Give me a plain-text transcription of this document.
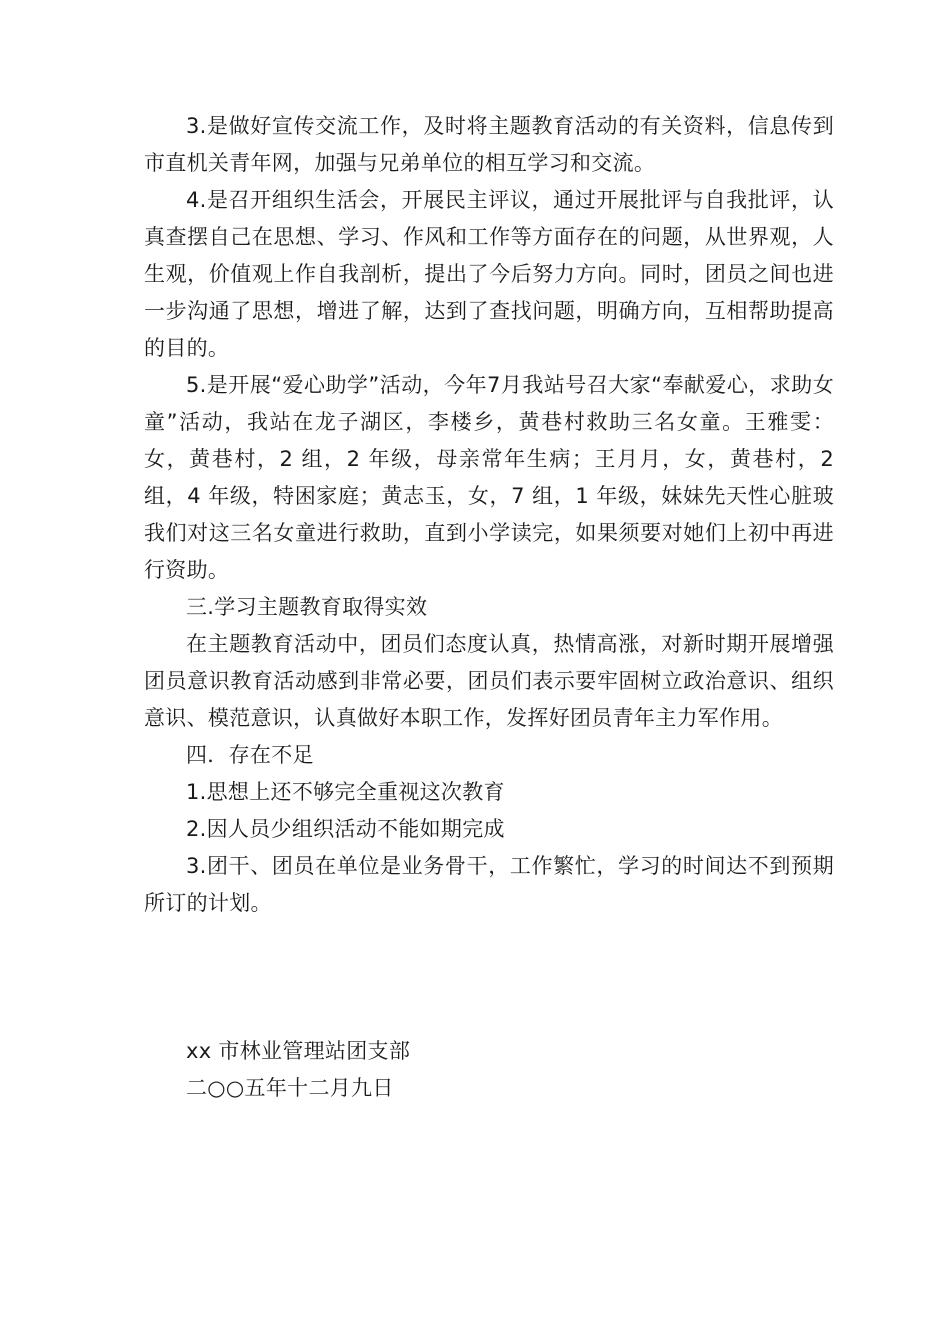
3.是做好宣传交流工作，及时将主题教育活动的有关资料，信息传到市直机关青年网，加强与兄弟单位的相互学习和交流。

4.是召开组织生活会，开展民主评议，通过开展批评与自我批评，认真查摆自己在思想、学习、作风和工作等方面存在的问题，从世界观，人生观，价值观上作自我剖析，提出了今后努力方向。同时，团员之间也进一步沟通了思想，增进了解，达到了查找问题，明确方向，互相帮助提高的目的。

5.是开展“爱心助学”活动，今年7月我站号召大家“奉献爱心，求助女童”活动，我站在龙子湖区，李楼乡，黄巷村救助三名女童。王雅雯：女，黄巷村，2 组，2 年级，母亲常年生病；王月月，女，黄巷村，2 组，4 年级，特困家庭；黄志玉，女，7 组，1 年级，妹妹先天性心脏玻我们对这三名女童进行救助，直到小学读完，如果须要对她们上初中再进行资助。

三.学习主题教育取得实效

在主题教育活动中，团员们态度认真，热情高涨，对新时期开展增强团员意识教育活动感到非常必要，团员们表示要牢固树立政治意识、组织意识、模范意识，认真做好本职工作，发挥好团员青年主力军作用。

四．存在不足

1.思想上还不够完全重视这次教育

2.因人员少组织活动不能如期完成

3.团干、团员在单位是业务骨干，工作繁忙，学习的时间达不到预期所订的计划。

xx 市林业管理站团支部

二○○五年十二月九日
